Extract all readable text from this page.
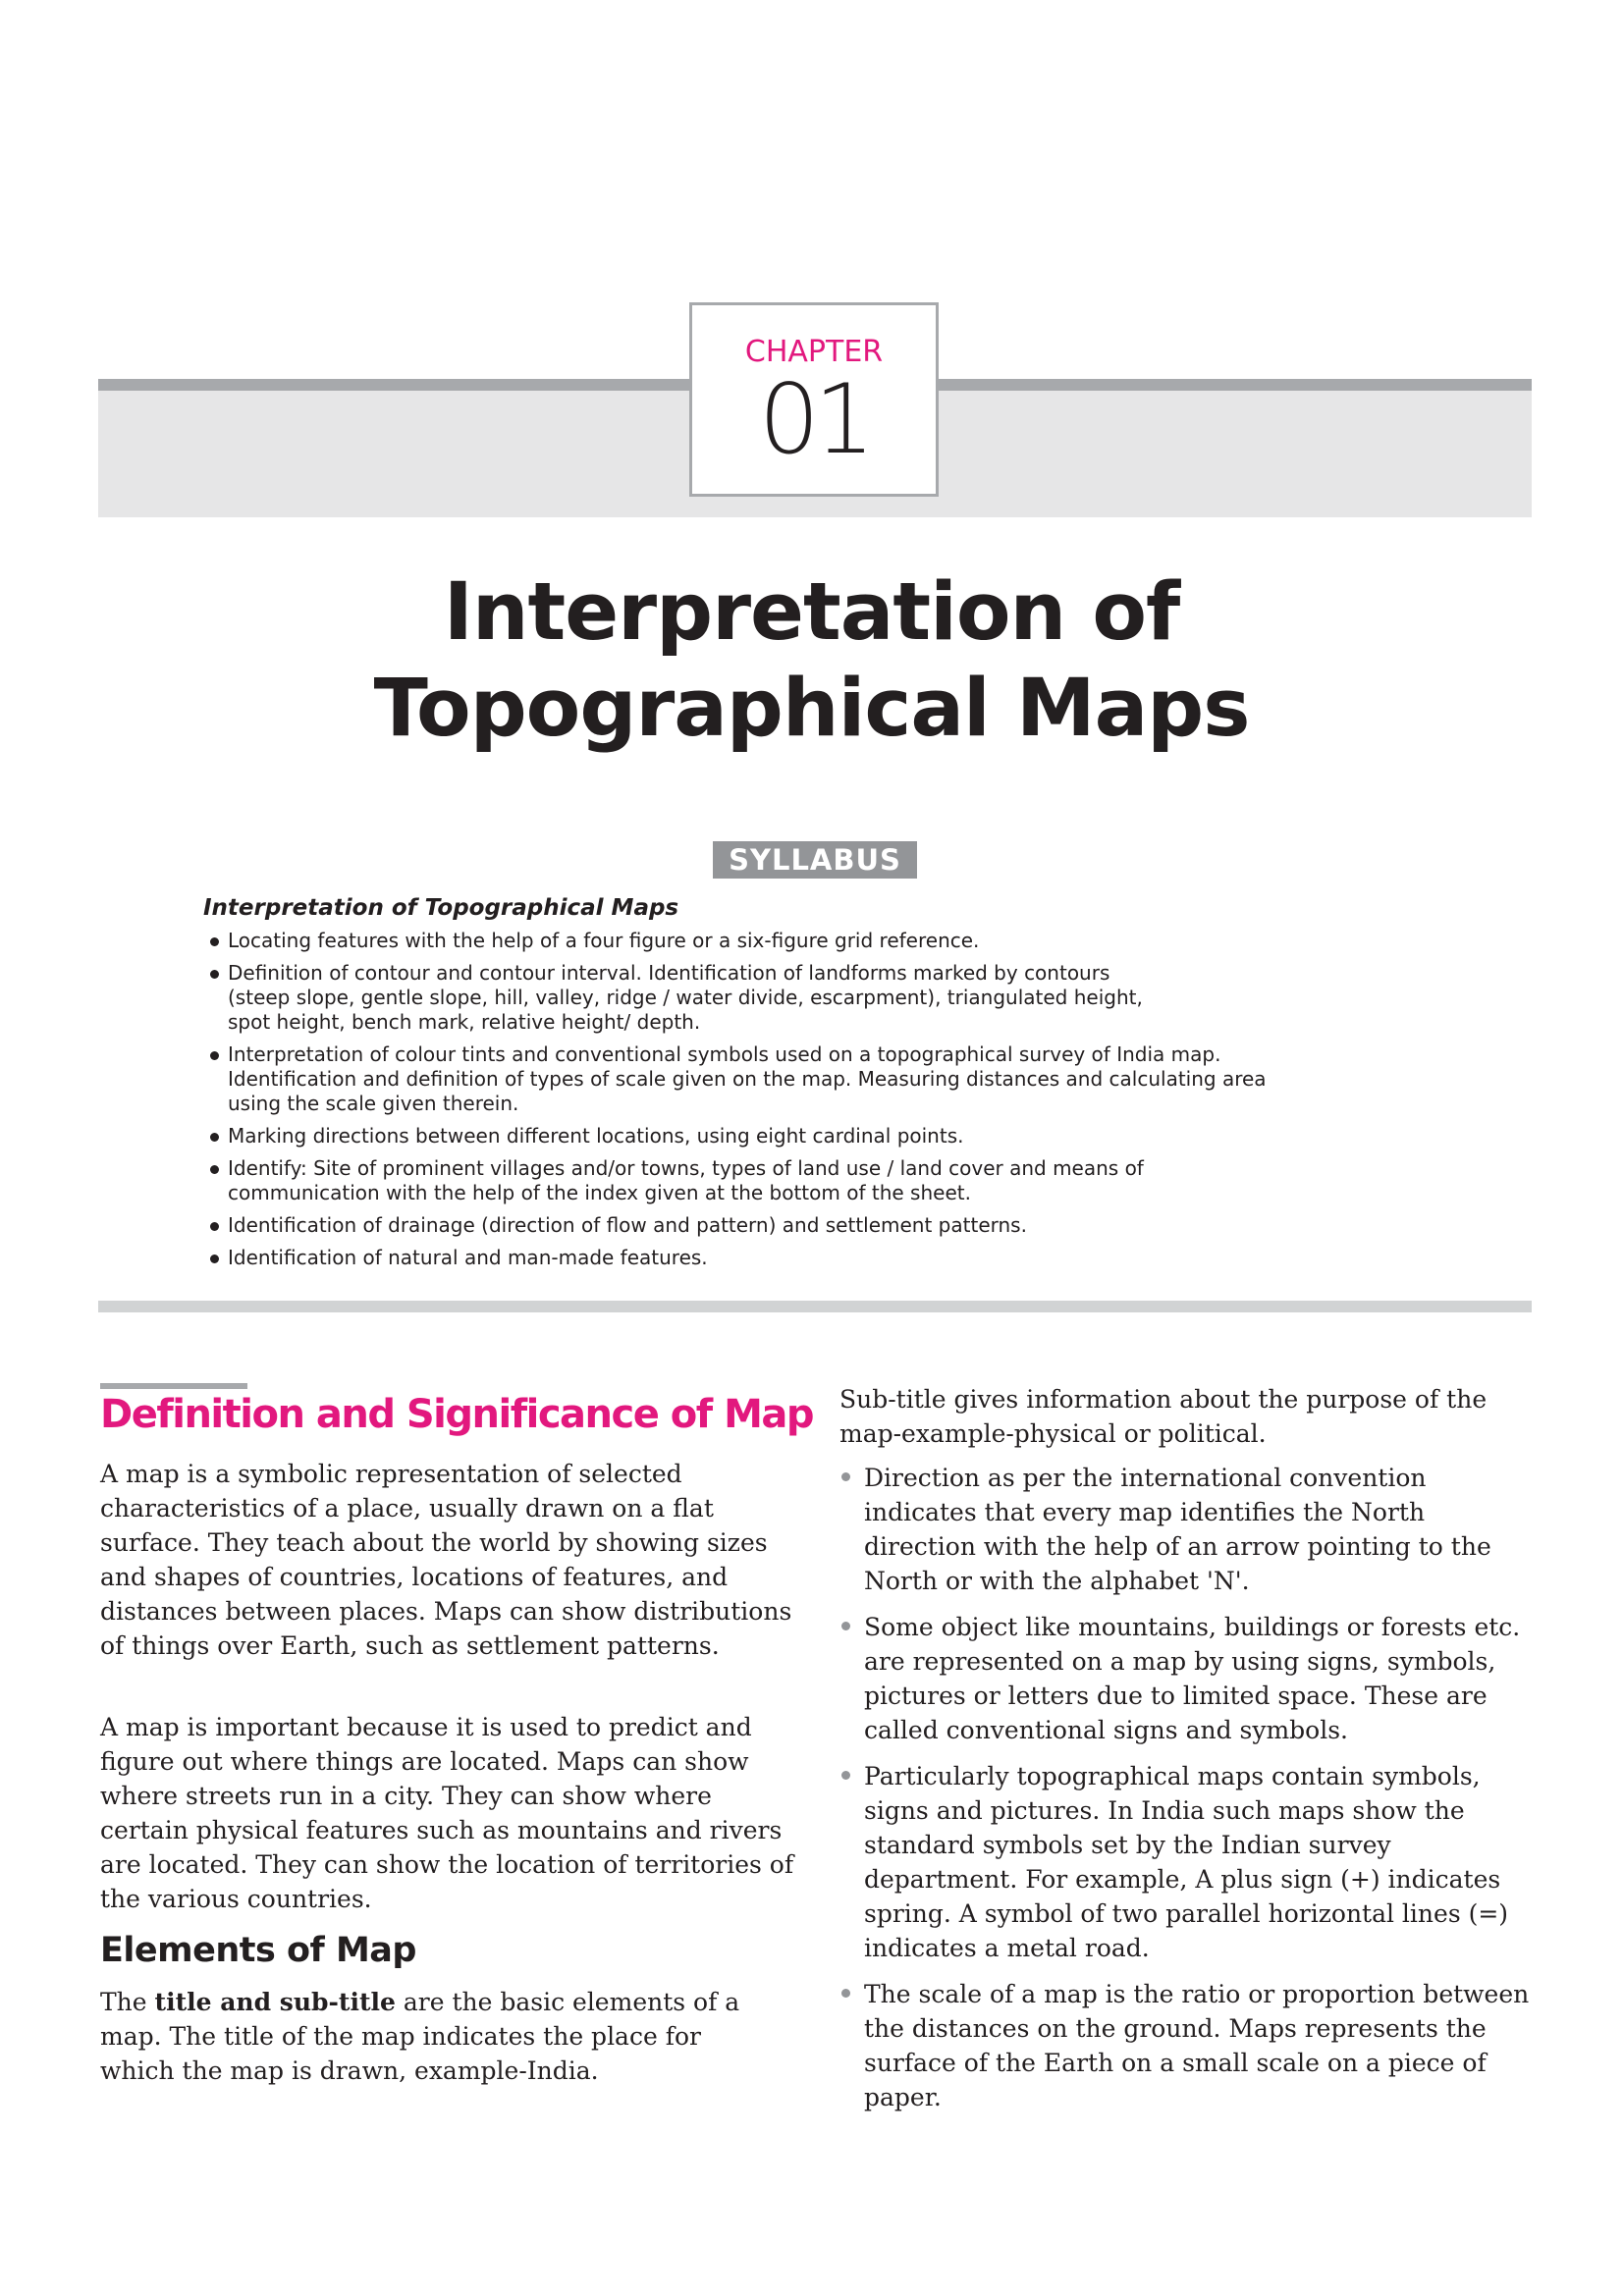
CHAPTER
01
Interpretation of
Topographical Maps
SYLLABUS
Interpretation of Topographical Maps
Locating features with the help of a four figure or a six-figure grid reference.
Definition of contour and contour interval. Identification of landforms marked by contours
(steep slope, gentle slope, hill, valley, ridge / water divide, escarpment), triangulated height,
spot height, bench mark, relative height/ depth.
Interpretation of colour tints and conventional symbols used on a topographical survey of India map.
Identification and definition of types of scale given on the map. Measuring distances and calculating area
using the scale given therein.
Marking directions between different locations, using eight cardinal points.
Identify: Site of prominent villages and/or towns, types of land use / land cover and means of
communication with the help of the index given at the bottom of the sheet.
Identification of drainage (direction of flow and pattern) and settlement patterns.
Identification of natural and man-made features.
Definition and Significance of Map

A map is a symbolic representation of selected characteristics of a place, usually drawn on a flat surface. They teach about the world by showing sizes and shapes of countries, locations of features, and distances between places. Maps can show distributions of things over Earth, such as settlement patterns.

A map is important because it is used to predict and figure out where things are located. Maps can show where streets run in a city. They can show where certain physical features such as mountains and rivers are located. They can show the location of territories of the various countries.

Elements of Map

The title and sub-title are the basic elements of a map. The title of the map indicates the place for which the map is drawn, example-India.

Sub-title gives information about the purpose of the map-example-physical or political.

Direction as per the international convention indicates that every map identifies the North direction with the help of an arrow pointing to the North or with the alphabet 'N'.
Some object like mountains, buildings or forests etc. are represented on a map by using signs, symbols, pictures or letters due to limited space. These are called conventional signs and symbols.
Particularly topographical maps contain symbols, signs and pictures. In India such maps show the standard symbols set by the Indian survey department. For example, A plus sign (+) indicates spring. A symbol of two parallel horizontal lines (=) indicates a metal road.
The scale of a map is the ratio or proportion between the distances on the ground. Maps represents the surface of the Earth on a small scale on a piece of paper.
